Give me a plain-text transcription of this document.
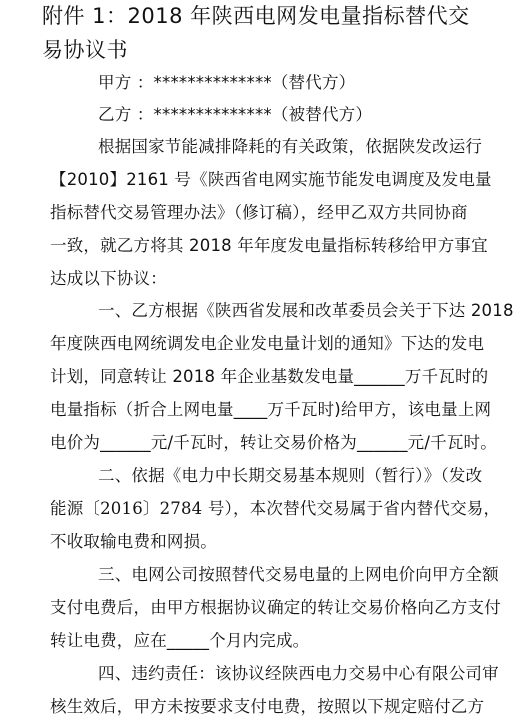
附件 1：2018 年陕西电网发电量指标替代交
易协议书
甲方 ：**************（替代方）
乙方 ：**************（被替代方）
根据国家节能减排降耗的有关政策，依据陕发改运行
【2010】2161 号《陕西省电网实施节能发电调度及发电量
指标替代交易管理办法》（修订稿），经甲乙双方共同协商
一致，就乙方将其 2018 年年度发电量指标转移给甲方事宜
达成以下协议：
一、乙方根据《陕西省发展和改革委员会关于下达 2018
年度陕西电网统调发电企业发电量计划的通知》下达的发电
计划，同意转让 2018 年企业基数发电量______万千瓦时的
电量指标（折合上网电量____万千瓦时)给甲方，该电量上网
电价为______元/千瓦时，转让交易价格为______元/千瓦时。
二、依据《电力中长期交易基本规则（暂行）》（发改
能源〔2016〕2784 号），本次替代交易属于省内替代交易，
不收取输电费和网损。
三、电网公司按照替代交易电量的上网电价向甲方全额
支付电费后，由甲方根据协议确定的转让交易价格向乙方支付
转让电费，应在_____个月内完成。
四、违约责任：该协议经陕西电力交易中心有限公司审
核生效后，甲方未按要求支付电费，按照以下规定赔付乙方
